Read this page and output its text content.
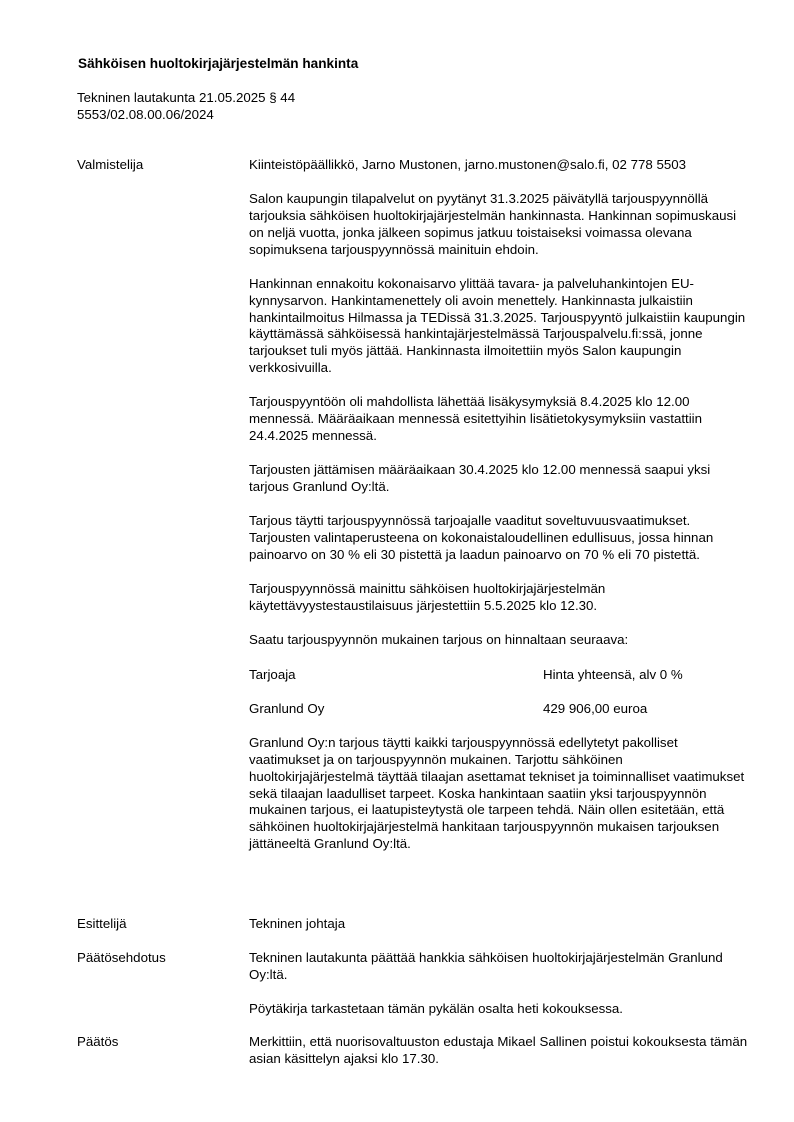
Sähköisen huoltokirjajärjestelmän hankinta
Tekninen lautakunta 21.05.2025 § 44
5553/02.08.00.06/2024
Valmistelija	Kiinteistöpäällikkö, Jarno Mustonen, jarno.mustonen@salo.fi, 02 778 5503

Salon kaupungin tilapalvelut on pyytänyt 31.3.2025 päivätyllä tarjouspyynnöllä tarjouksia sähköisen huoltokirjajärjestelmän hankinnasta. Hankinnan sopimuskausi on neljä vuotta, jonka jälkeen sopimus jatkuu toistaiseksi voimassa olevana sopimuksena tarjouspyynnössä mainituin ehdoin.

Hankinnan ennakoitu kokonaisarvo ylittää tavara- ja palveluhankintojen EU-kynnysarvon. Hankintamenettely oli avoin menettely. Hankinnasta julkaistiin hankintailmoitus Hilmassa ja TEDissä 31.3.2025. Tarjouspyyntö julkaistiin kaupungin käyttämässä sähköisessä hankintajärjestelmässä Tarjouspalvelu.fi:ssä, jonne tarjoukset tuli myös jättää. Hankinnasta ilmoitettiin myös Salon kaupungin verkkosivuilla.

Tarjouspyyntöön oli mahdollista lähettää lisäkysymyksiä 8.4.2025 klo 12.00 mennessä. Määräaikaan mennessä esitettyihin lisätietokysymyksiin vastattiin 24.4.2025 mennessä.

Tarjousten jättämisen määräaikaan 30.4.2025 klo 12.00 mennessä saapui yksi tarjous Granlund Oy:ltä.

Tarjous täytti tarjouspyynnössä tarjoajalle vaaditut soveltuvuusvaatimukset. Tarjousten valintaperusteena on kokonaistaloudellinen edullisuus, jossa hinnan painoarvo on 30 % eli 30 pistettä ja laadun painoarvo on 70 % eli 70 pistettä.

Tarjouspyynnössä mainittu sähköisen huoltokirjajärjestelmän käytettävyystestaustilaisuus järjestettiin 5.5.2025 klo 12.30.

Saatu tarjouspyynnön mukainen tarjous on hinnaltaan seuraava:

Tarjoaja	Hinta yhteensä, alv 0 %
Granlund Oy	429 906,00 euroa

Granlund Oy:n tarjous täytti kaikki tarjouspyynnössä edellytetyt pakolliset vaatimukset ja on tarjouspyynnön mukainen. Tarjottu sähköinen huoltokirjajärjestelmä täyttää tilaajan asettamat tekniset ja toiminnalliset vaatimukset sekä tilaajan laadulliset tarpeet. Koska hankintaan saatiin yksi tarjouspyynnön mukainen tarjous, ei laatupisteytystä ole tarpeen tehdä. Näin ollen esitetään, että sähköinen huoltokirjajärjestelmä hankitaan tarjouspyynnön mukaisen tarjouksen jättäneeltä Granlund Oy:ltä.

Esittelijä	Tekninen johtaja

Päätösehdotus	Tekninen lautakunta päättää hankkia sähköisen huoltokirjajärjestelmän Granlund Oy:ltä.

Pöytäkirja tarkastetaan tämän pykälän osalta heti kokouksessa.

Päätös	Merkittiin, että nuorisovaltuuston edustaja Mikael Sallinen poistui kokouksesta tämän asian käsittelyn ajaksi klo 17.30.
